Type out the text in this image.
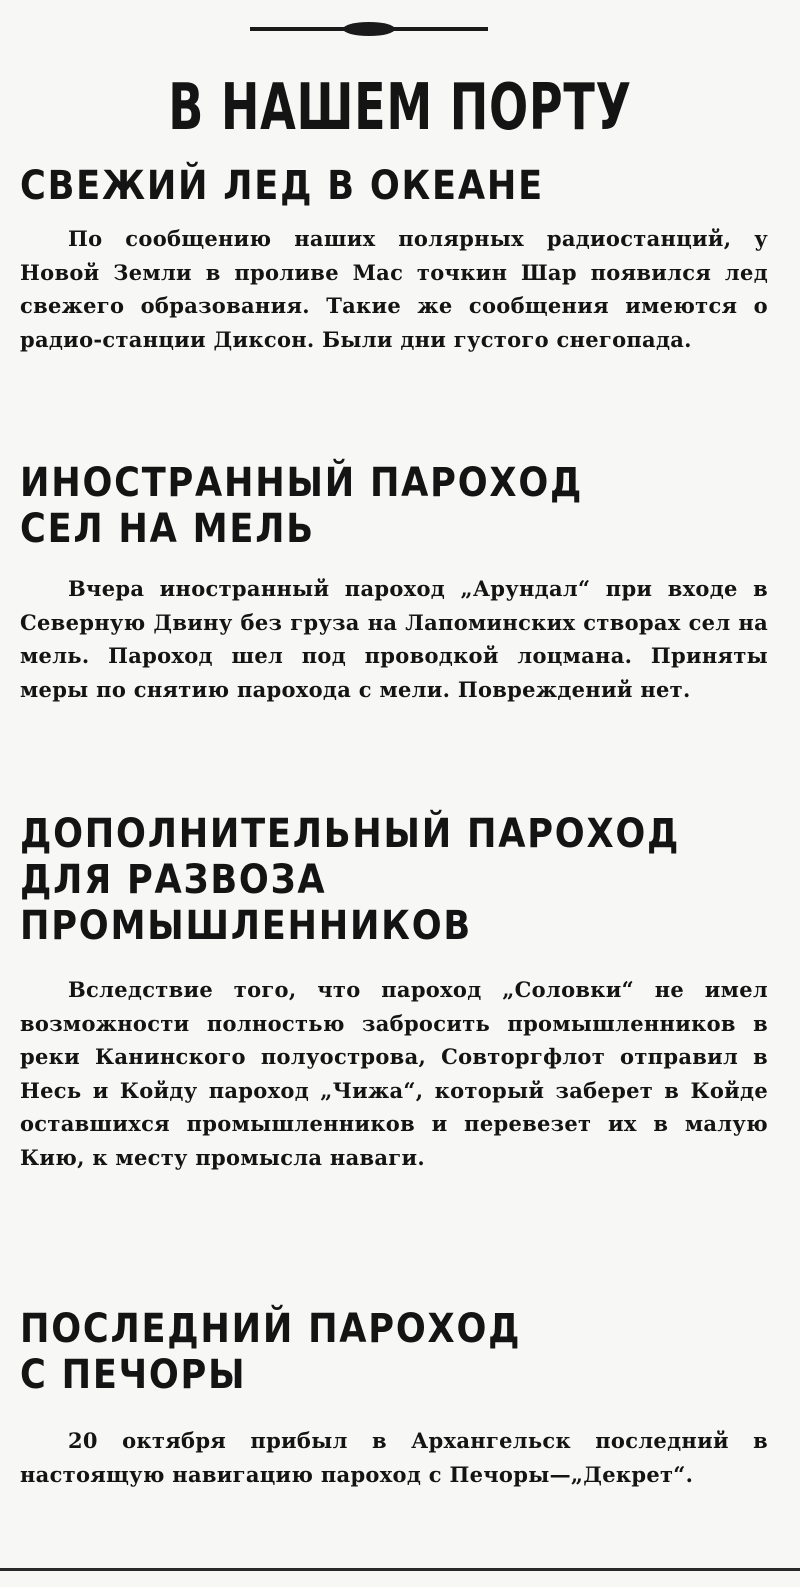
В НАШЕМ ПОРТУ
СВЕЖИЙ ЛЕД В ОКЕАНЕ
По сообщению наших полярных радиостанций, у Новой Земли в проливе Мас точкин Шар появился лед свежего образования. Такие же сообщения имеются о радио-станции Диксон. Были дни густого снегопада.
ИНОСТРАННЫЙ ПАРОХОД
СЕЛ НА МЕЛЬ
Вчера иностранный пароход „Арундал“ при входе в Северную Двину без груза на Лапоминских створах сел на мель. Пароход шел под проводкой лоцмана. Приняты меры по снятию парохода с мели. Повреждений нет.
ДОПОЛНИТЕЛЬНЫЙ ПАРОХОД
ДЛЯ РАЗВОЗА
ПРОМЫШЛЕННИКОВ
Вследствие того, что пароход „Соловки“ не имел возможности полностью забросить промышленников в реки Канинского полуострова, Совторгфлот отправил в Несь и Койду пароход „Чижа“, который заберет в Койде оставшихся промышленников и перевезет их в малую Кию, к месту промысла наваги.
ПОСЛЕДНИЙ ПАРОХОД
С ПЕЧОРЫ
20 октября прибыл в Архангельск последний в настоящую навигацию пароход с Печоры—„Декрет“.
